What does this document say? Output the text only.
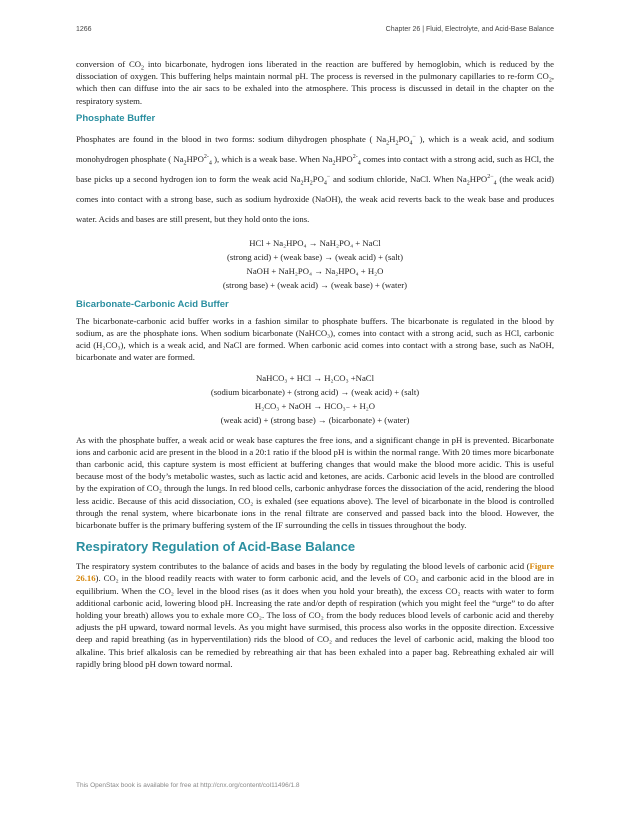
1266	Chapter 26 | Fluid, Electrolyte, and Acid-Base Balance

conversion of $CO_2$ into bicarbonate, hydrogen ions liberated in the reaction are buffered by hemoglobin, which is reduced by the dissociation of oxygen. This buffering helps maintain normal pH. The process is reversed in the pulmonary capillaries to re-form $CO_2$, which then can diffuse into the air sacs to be exhaled into the atmosphere. This process is discussed in detail in the chapter on the respiratory system.

Phosphate Buffer

Phosphates are found in the blood in two forms: sodium dihydrogen phosphate ( $Na_2H_2PO_4^-$ ), which is a weak acid, and sodium monohydrogen phosphate ( $Na_2HPO^{2-}_4$ ), which is a weak base. When $Na_2HPO^{2-}_4$ comes into contact with a strong acid, such as HCl, the base picks up a second hydrogen ion to form the weak acid $Na_2H_2PO_4^-$ and sodium chloride, NaCl. When $Na_2HPO^{2-}_4$ (the weak acid) comes into contact with a strong base, such as sodium hydroxide (NaOH), the weak acid reverts back to the weak base and produces water. Acids and bases are still present, but they hold onto the ions.

HCl + Na₂HPO₄ → NaH₂PO₄ + NaCl
(strong acid) + (weak base) → (weak acid) + (salt)
NaOH + NaH₂PO₄ → Na₂HPO₄ + H₂O
(strong base) + (weak acid) → (weak base) + (water)
Bicarbonate-Carbonic Acid Buffer

The bicarbonate-carbonic acid buffer works in a fashion similar to phosphate buffers. The bicarbonate is regulated in the blood by sodium, as are the phosphate ions. When sodium bicarbonate (NaHCO₃), comes into contact with a strong acid, such as HCl, carbonic acid (H₂CO₃), which is a weak acid, and NaCl are formed. When carbonic acid comes into contact with a strong base, such as NaOH, bicarbonate and water are formed.

NaHCO₃ + HCl → H₂CO₃ +NaCl
(sodium bicarbonate) + (strong acid) → (weak acid) + (salt)
H₂CO₃ + NaOH → HCO₃₋ + H₂O
(weak acid) + (strong base) → (bicarbonate) + (water)

As with the phosphate buffer, a weak acid or weak base captures the free ions, and a significant change in pH is prevented. Bicarbonate ions and carbonic acid are present in the blood in a 20:1 ratio if the blood pH is within the normal range. With 20 times more bicarbonate than carbonic acid, this capture system is most efficient at buffering changes that would make the blood more acidic. This is useful because most of the body’s metabolic wastes, such as lactic acid and ketones, are acids. Carbonic acid levels in the blood are controlled by the expiration of CO₂ through the lungs. In red blood cells, carbonic anhydrase forces the dissociation of the acid, rendering the blood less acidic. Because of this acid dissociation, CO₂ is exhaled (see equations above). The level of bicarbonate in the blood is controlled through the renal system, where bicarbonate ions in the renal filtrate are conserved and passed back into the blood. However, the bicarbonate buffer is the primary buffering system of the IF surrounding the cells in tissues throughout the body.

Respiratory Regulation of Acid-Base Balance

The respiratory system contributes to the balance of acids and bases in the body by regulating the blood levels of carbonic acid (Figure 26.16). CO₂ in the blood readily reacts with water to form carbonic acid, and the levels of CO₂ and carbonic acid in the blood are in equilibrium. When the CO₂ level in the blood rises (as it does when you hold your breath), the excess CO₂ reacts with water to form additional carbonic acid, lowering blood pH. Increasing the rate and/or depth of respiration (which you might feel the “urge” to do after holding your breath) allows you to exhale more CO₂. The loss of CO₂ from the body reduces blood levels of carbonic acid and thereby adjusts the pH upward, toward normal levels. As you might have surmised, this process also works in the opposite direction. Excessive deep and rapid breathing (as in hyperventilation) rids the blood of CO₂ and reduces the level of carbonic acid, making the blood too alkaline. This brief alkalosis can be remedied by rebreathing air that has been exhaled into a paper bag. Rebreathing exhaled air will rapidly bring blood pH down toward normal.

This OpenStax book is available for free at http://cnx.org/content/col11496/1.8
